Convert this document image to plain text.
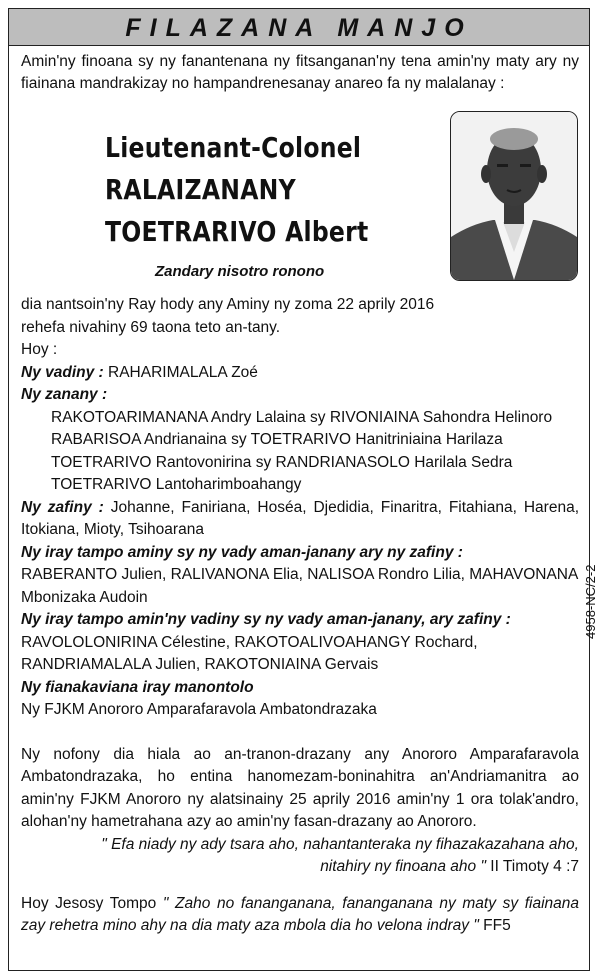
FILAZANA MANJO
Amin'ny finoana sy ny fanantenana ny fitsanganan'ny tena amin'ny maty ary ny fiainana mandrakizay no hampandrenesanay anareo fa ny malalanay :
Lieutenant-Colonel
RALAIZANANY
TOETRARIVO Albert
Zandary nisotro ronono
dia nantsoin'ny Ray hody any Aminy ny zoma 22 aprily 2016
rehefa nivahiny 69 taona teto an-tany.
Hoy :
Ny vadiny : RAHARIMALALA Zoé
Ny zanany :
RAKOTOARIMANANA Andry Lalaina sy RIVONIAINA Sahondra Helinoro
RABARISOA Andrianaina sy TOETRARIVO Hanitriniaina Harilaza
TOETRARIVO Rantovonirina sy RANDRIANASOLO Harilala Sedra
TOETRARIVO Lantoharimboahangy
Ny zafiny : Johanne, Faniriana, Hoséa, Djedidia, Finaritra, Fitahiana, Harena, Itokiana, Mioty, Tsihoarana
Ny iray tampo aminy sy ny vady aman-janany ary ny zafiny :
RABERANTO Julien, RALIVANONA Elia, NALISOA Rondro Lilia, MAHAVONANA Mbonizaka Audoin
Ny iray tampo amin'ny vadiny sy ny vady aman-janany, ary zafiny :
RAVOLOLONIRINA Célestine, RAKOTOALIVOAHANGY Rochard, RANDRIAMALALA Julien, RAKOTONIAINA Gervais
Ny fianakaviana iray manontolo
Ny FJKM Anororo Amparafaravola Ambatondrazaka
Ny nofony dia hiala ao an-tranon-drazany any Anororo Amparafaravola Ambatondrazaka, ho entina hanomezam-boninahitra an'Andriamanitra ao amin'ny FJKM Anororo ny alatsinainy 25 aprily 2016 amin'ny 1 ora tolak'andro, alohan'ny hametrahana azy ao amin'ny fasan-drazany ao Anororo.
" Efa niady ny ady tsara aho, nahantanteraka ny fihazakazahana aho,
nitahiry ny finoana aho " II Timoty 4 :7
Hoy Jesosy Tompo " Zaho no fananganana, fananganana ny maty sy fiainana zay rehetra mino ahy na dia maty aza mbola dia ho velona indray " FF5
4958-NC/2-2
